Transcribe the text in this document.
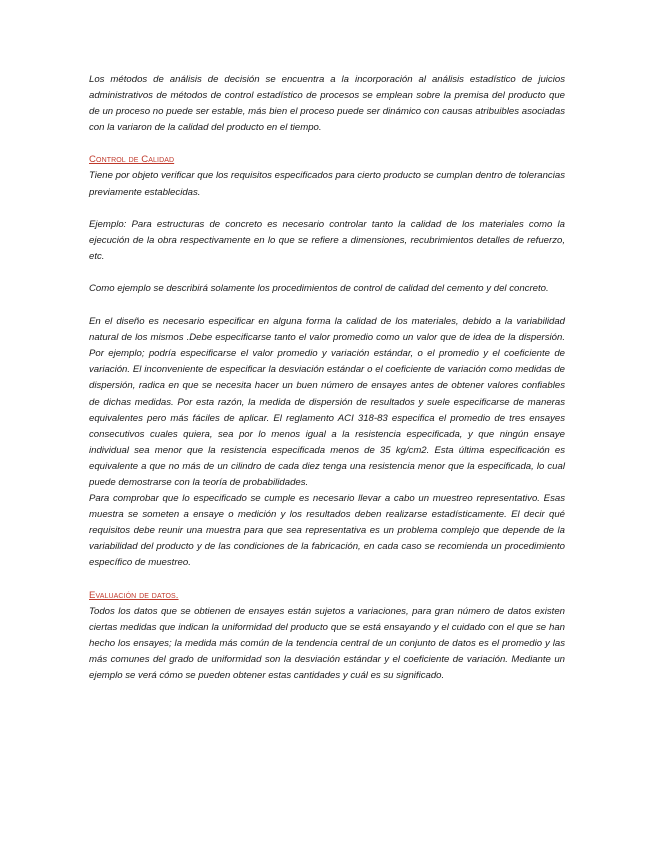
Los métodos de análisis de decisión se encuentra a la incorporación al análisis estadístico de juicios administrativos de métodos de control estadístico de procesos se emplean sobre la premisa del producto que de un proceso no puede ser estable, más bien el proceso puede ser dinámico con causas atribuibles asociadas con la variaron de la calidad del producto en el tiempo.

Control de Calidad

Tiene por objeto verificar que los requisitos especificados para cierto producto se cumplan dentro de tolerancias previamente establecidas.

Ejemplo: Para estructuras de concreto es necesario controlar tanto la calidad de los materiales como la ejecución de la obra respectivamente en lo que se refiere a dimensiones, recubrimientos detalles de refuerzo, etc.

Como ejemplo se describirá solamente los procedimientos de control de calidad del cemento y del concreto.

En el diseño es necesario especificar en alguna forma la calidad de los materiales, debido a la variabilidad natural de los mismos .Debe especificarse tanto el valor promedio como un valor que de idea de la dispersión. Por ejemplo; podría especificarse el valor promedio y variación estándar, o el promedio y el coeficiente de variación. El inconveniente de especificar la desviación estándar o el coeficiente de variación como medidas de dispersión, radica en que se necesita hacer un buen número de ensayes antes de obtener valores confiables de dichas medidas. Por esta razón, la medida de dispersión de resultados y suele especificarse de maneras equivalentes pero más fáciles de aplicar. El reglamento ACI 318-83 especifica el promedio de tres ensayes consecutivos cuales quiera, sea por lo menos igual a la resistencia especificada, y que ningún ensaye individual sea menor que la resistencia especificada menos de 35 kg/cm2. Esta última especificación es equivalente a que no más de un cilindro de cada diez tenga una resistencia menor que la especificada, lo cual puede demostrarse con la teoría de probabilidades.

Para comprobar que lo especificado se cumple es necesario llevar a cabo un muestreo representativo. Esas muestra se someten a ensaye o medición y los resultados deben realizarse estadísticamente. El decir qué requisitos debe reunir una muestra para que sea representativa es un problema complejo que depende de la variabilidad del producto y de las condiciones de la fabricación, en cada caso se recomienda un procedimiento específico de muestreo.

Evaluación de datos.

Todos los datos que se obtienen de ensayes están sujetos a variaciones, para gran número de datos existen ciertas medidas que indican la uniformidad del producto que se está ensayando y el cuidado con el que se han hecho los ensayes; la medida más común de la tendencia central de un conjunto de datos es el promedio y las más comunes del grado de uniformidad son la desviación estándar y el coeficiente de variación. Mediante un ejemplo se verá cómo se pueden obtener estas cantidades y cuál es su significado.
